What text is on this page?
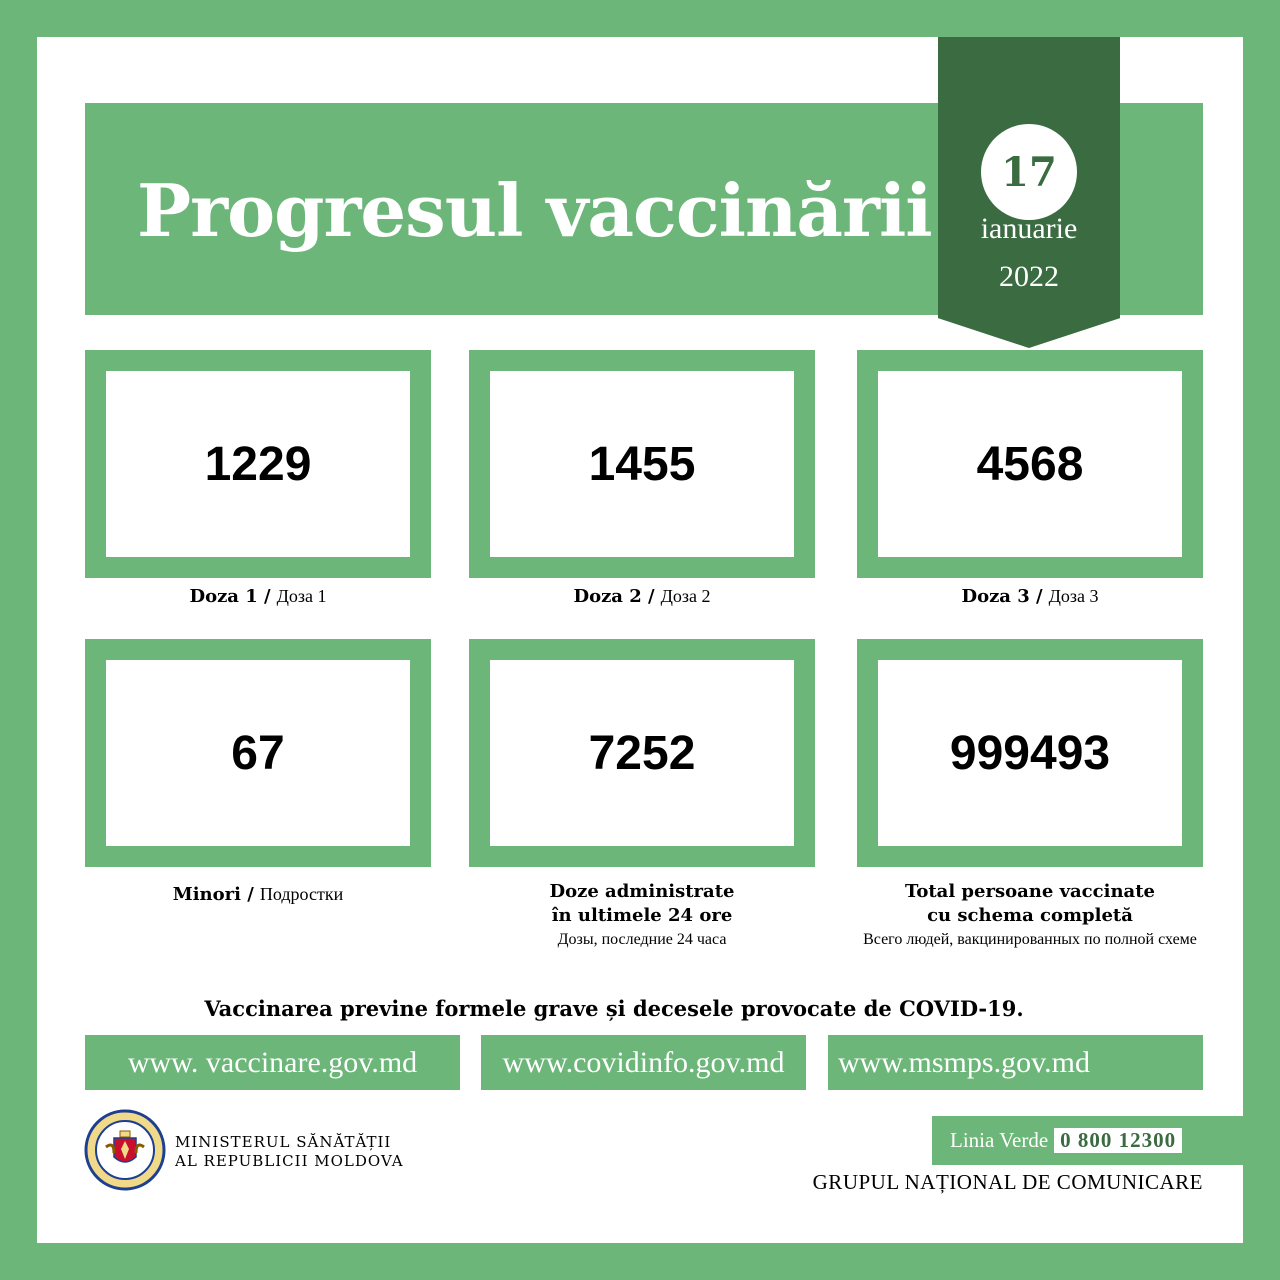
Progresul vaccinării	17
ianuarie
2022
1229
Doza 1 / Доза 1
1455
Doza 2 / Доза 2
4568
Doza 3 / Доза 3
67
Minori / Подростки
7252
Doze administrate
în ultimele 24 ore
Дозы, последние 24 часа
999493
Total persoane vaccinate
cu schema completă
Всего людей, вакцинированных по полной схеме
Vaccinarea previne formele grave și decesele provocate de COVID-19.
www. vaccinare.gov.md	www.covidinfo.gov.md	www.msmps.gov.md
MINISTERUL SĂNĂTĂȚII
AL REPUBLICII MOLDOVA
Linia Verde 0 800 12300
GRUPUL NAȚIONAL DE COMUNICARE
